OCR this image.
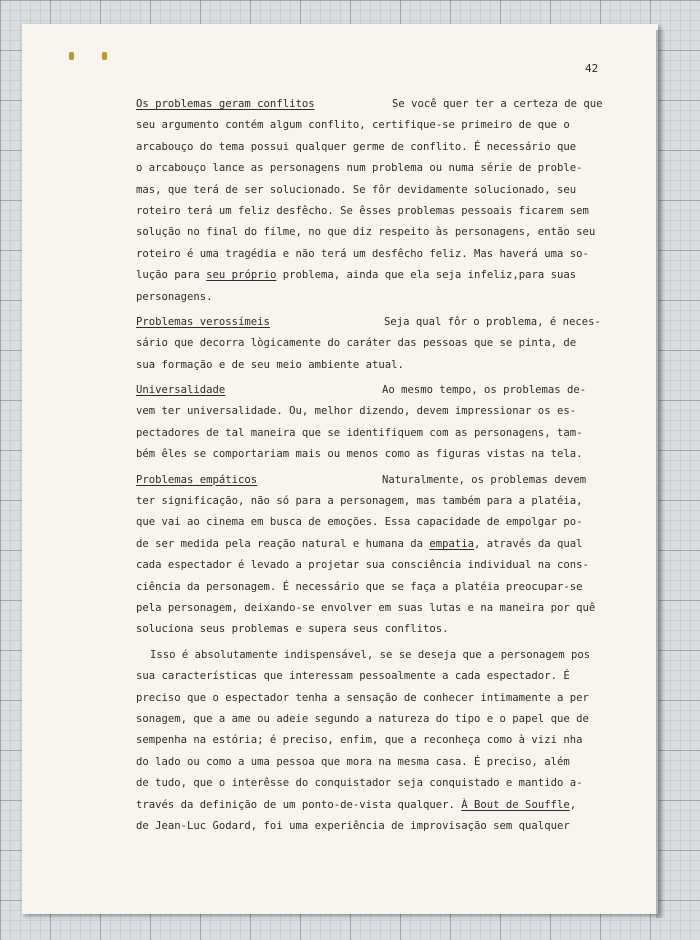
42
Os problemas geram conflitos	Se você quer ter a certeza de que
seu argumento contém algum conflito, certifique-se primeiro de que o
arcabouço do tema possui qualquer germe de conflito. É necessário que
o arcabouço lance as personagens num problema ou numa série de proble-
mas, que terá de ser solucionado. Se fôr devidamente solucionado, seu
roteiro terá um feliz desfêcho. Se êsses problemas pessoais ficarem sem
solução no final do filme, no que diz respeito às personagens, então seu
roteiro é uma tragédia e não terá um desfêcho feliz. Mas haverá uma so-
lução para seu próprio problema, ainda que ela seja infeliz,para suas
personagens.
Problemas verossímeis	Seja qual fôr o problema, é neces-
sário que decorra lògicamente do caráter das pessoas que se pinta, de
sua formação e de seu meio ambiente atual.
Universalidade	Ao mesmo tempo, os problemas de-
vem ter universalidade. Ou, melhor dizendo, devem impressionar os es-
pectadores de tal maneira que se identifiquem com as personagens, tam-
bém êles se comportariam mais ou menos como as figuras vistas na tela.
Problemas empáticos	Naturalmente, os problemas devem
ter significação, não só para a personagem, mas também para a platéia,
que vai ao cinema em busca de emoções. Essa capacidade de empolgar po-
de ser medida pela reação natural e humana da empatia, através da qual
cada espectador é levado a projetar sua consciência individual na cons-
ciência da personagem. É necessário que se faça a platéia preocupar-se
pela personagem, deixando-se envolver em suas lutas e na maneira por quê
soluciona seus problemas e supera seus conflitos.
Isso é absolutamente indispensável, se se deseja que a personagem pos
sua características que interessam pessoalmente a cada espectador. É
preciso que o espectador tenha a sensação de conhecer intimamente a per
sonagem, que a ame ou adeie segundo a natureza do tipo e o papel que de
sempenha na estória; é preciso, enfim, que a reconheça como à vizi nha
do lado ou como a uma pessoa que mora na mesma casa. É preciso, além
de tudo, que o interêsse do conquistador seja conquistado e mantido a-
través da definição de um ponto-de-vista qualquer. À Bout de Souffle,
de Jean-Luc Godard, foi uma experiência de improvisação sem qualquer
